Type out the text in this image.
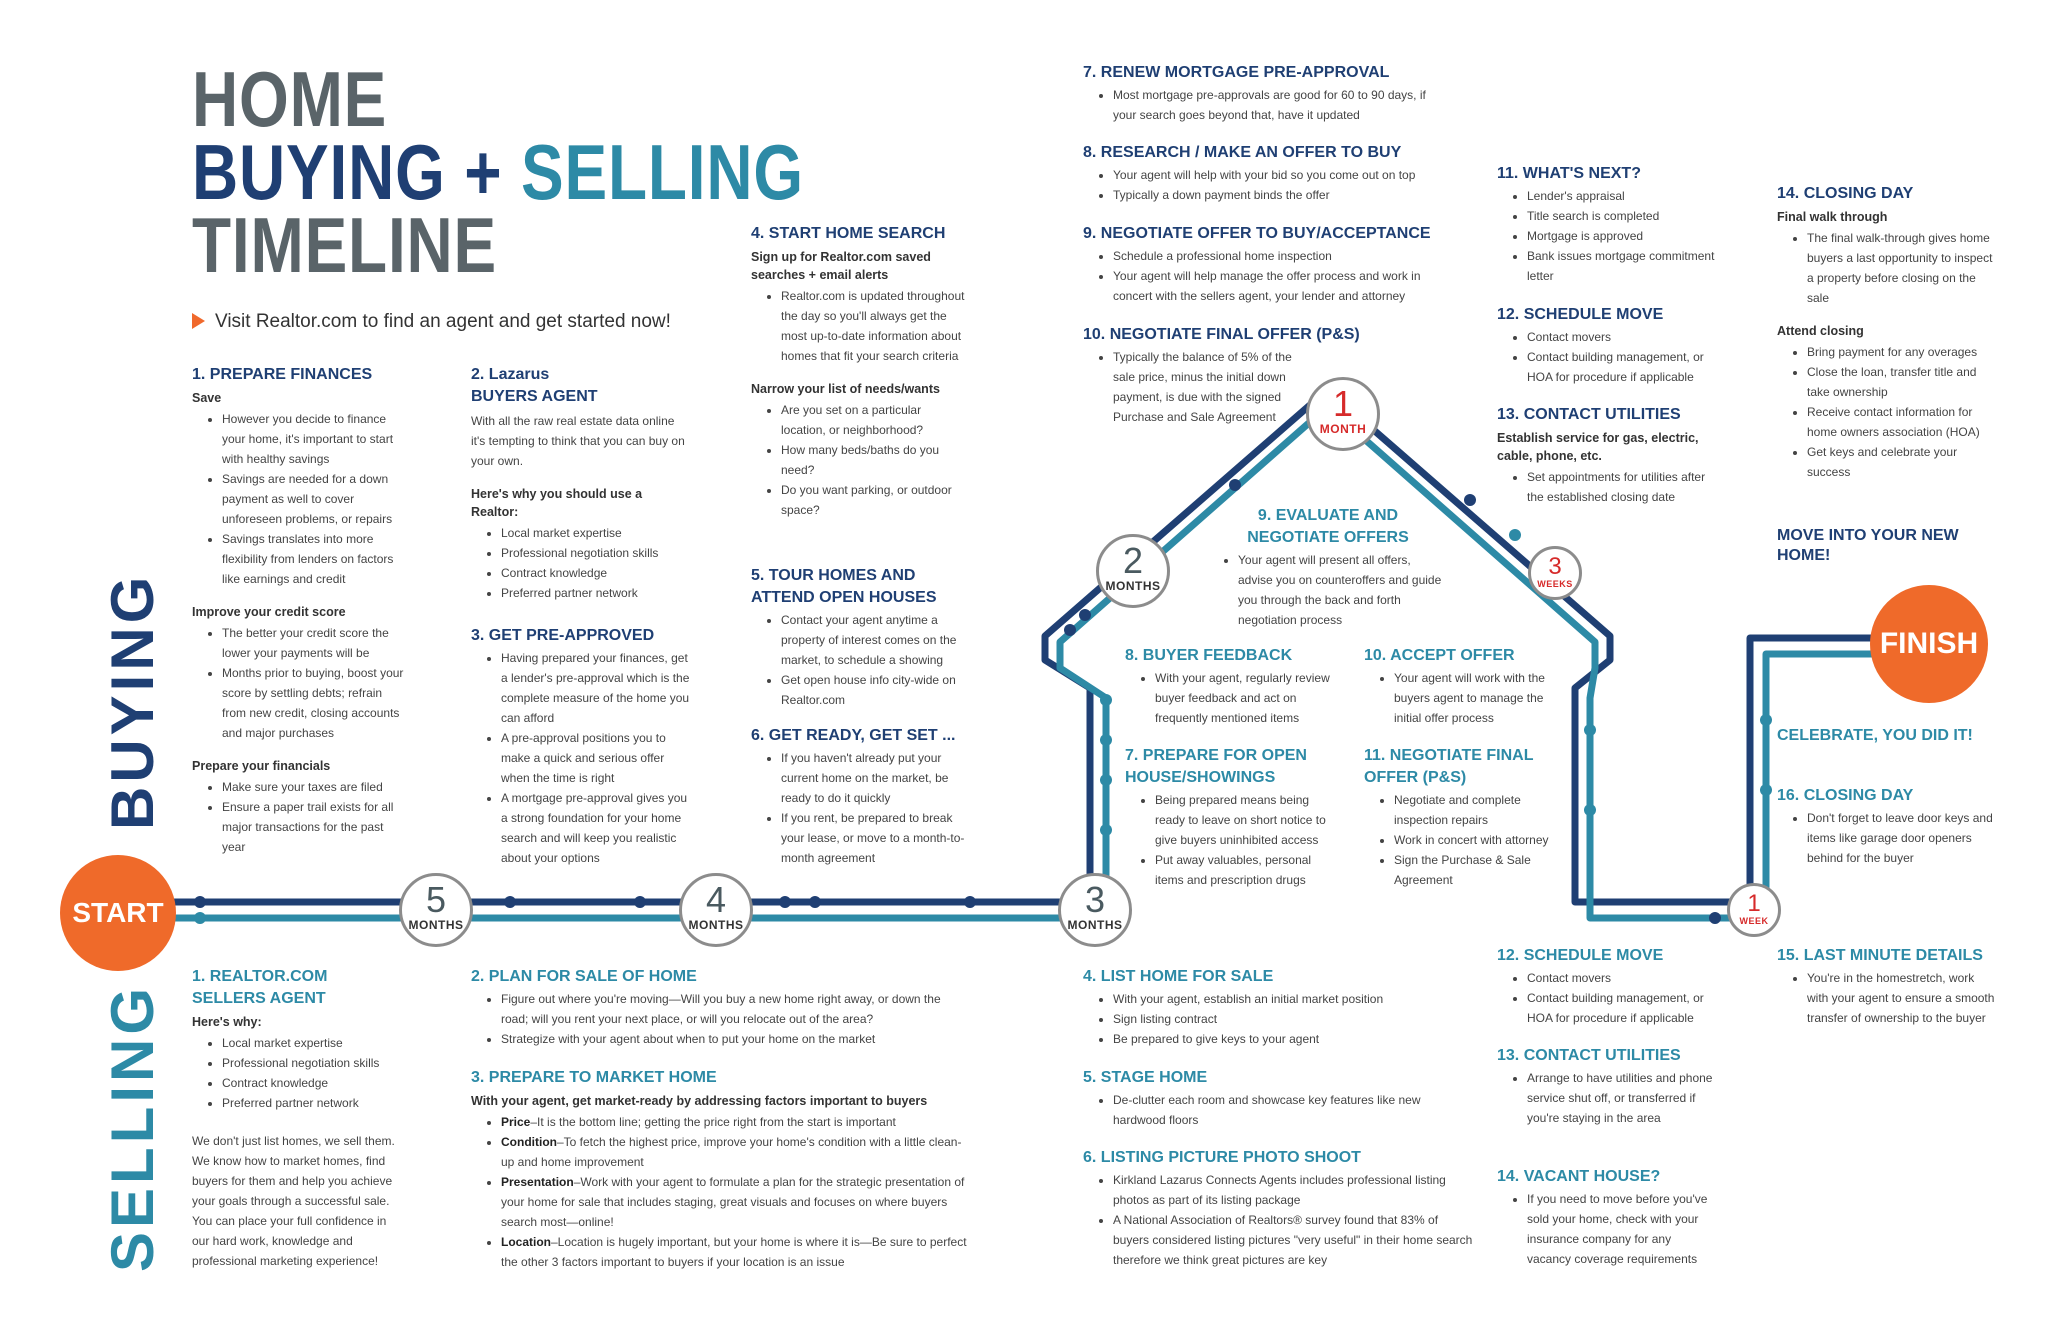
HOME
BUYING + SELLING
TIMELINE
Visit Realtor.com to find an agent and get started now!
BUYING
SELLING
START
FINISH
5
MONTHS
4
MONTHS
3
MONTHS
2
MONTHS
1
MONTH
3
WEEKS
1
WEEK
1. PREPARE FINANCES
Save
• However you decide to finance your home, it's important to start with healthy savings
• Savings are needed for a down payment as well to cover unforeseen problems, or repairs
• Savings translates into more flexibility from lenders on factors like earnings and credit
Improve your credit score
• The better your credit score the lower your payments will be
• Months prior to buying, boost your score by settling debts; refrain from new credit, closing accounts and major purchases
Prepare your financials
• Make sure your taxes are filed
• Ensure a paper trail exists for all major transactions for the past year
2. Lazarus
BUYERS AGENT

With all the raw real estate data online it's tempting to think that you can buy on your own.

Here's why you should use a Realtor:
• Local market expertise
• Professional negotiation skills
• Contract knowledge
• Preferred partner network
3. GET PRE-APPROVED
• Having prepared your finances, get a lender's pre-approval which is the complete measure of the home you can afford
• A pre-approval positions you to make a quick and serious offer when the time is right
• A mortgage pre-approval gives you a strong foundation for your home search and will keep you realistic about your options
4. START HOME SEARCH
Sign up for Realtor.com saved searches + email alerts
• Realtor.com is updated throughout the day so you'll always get the most up-to-date information about homes that fit your search criteria
Narrow your list of needs/wants
• Are you set on a particular location, or neighborhood?
• How many beds/baths do you need?
• Do you want parking, or outdoor space?
5. TOUR HOMES AND
ATTEND OPEN HOUSES
• Contact your agent anytime a property of interest comes on the market, to schedule a showing
• Get open house info city-wide on Realtor.com
6. GET READY, GET SET ...
• If you haven't already put your current home on the market, be ready to do it quickly
• If you rent, be prepared to break your lease, or move to a month-to-month agreement
7. RENEW MORTGAGE PRE-APPROVAL
• Most mortgage pre-approvals are good for 60 to 90 days, if your search goes beyond that, have it updated
8. RESEARCH / MAKE AN OFFER TO BUY
• Your agent will help with your bid so you come out on top
• Typically a down payment binds the offer
9. NEGOTIATE OFFER TO BUY/ACCEPTANCE
• Schedule a professional home inspection
• Your agent will help manage the offer process and work in concert with the sellers agent, your lender and attorney
10. NEGOTIATE FINAL OFFER (P&S)
• Typically the balance of 5% of the sale price, minus the initial down payment, is due with the signed Purchase and Sale Agreement
11. WHAT'S NEXT?
• Lender's appraisal
• Title search is completed
• Mortgage is approved
• Bank issues mortgage commitment letter
12. SCHEDULE MOVE
• Contact movers
• Contact building management, or HOA for procedure if applicable
13. CONTACT UTILITIES
Establish service for gas, electric, cable, phone, etc.
• Set appointments for utilities after the established closing date
14. CLOSING DAY
Final walk through
• The final walk-through gives home buyers a last opportunity to inspect a property before closing on the sale
Attend closing
• Bring payment for any overages
• Close the loan, transfer title and take ownership
• Receive contact information for home owners association (HOA)
• Get keys and celebrate your success
MOVE INTO YOUR NEW HOME!
1. REALTOR.COM
SELLERS AGENT
Here's why:
• Local market expertise
• Professional negotiation skills
• Contract knowledge
• Preferred partner network

We don't just list homes, we sell them. We know how to market homes, find buyers for them and help you achieve your goals through a successful sale. You can place your full confidence in our hard work, knowledge and professional marketing experience!

2. PLAN FOR SALE OF HOME
• Figure out where you're moving—Will you buy a new home right away, or down the road; will you rent your next place, or will you relocate out of the area?
• Strategize with your agent about when to put your home on the market
3. PREPARE TO MARKET HOME
With your agent, get market-ready by addressing factors important to buyers
• Price–It is the bottom line; getting the price right from the start is important
• Condition–To fetch the highest price, improve your home's condition with a little clean-up and home improvement
• Presentation–Work with your agent to formulate a plan for the strategic presentation of your home for sale that includes staging, great visuals and focuses on where buyers search most—online!
• Location–Location is hugely important, but your home is where it is—Be sure to perfect the other 3 factors important to buyers if your location is an issue
4. LIST HOME FOR SALE
• With your agent, establish an initial market position
• Sign listing contract
• Be prepared to give keys to your agent
5. STAGE HOME
• De-clutter each room and showcase key features like new hardwood floors
6. LISTING PICTURE PHOTO SHOOT
• Kirkland Lazarus Connects Agents includes professional listing photos as part of its listing package
• A National Association of Realtors® survey found that 83% of buyers considered listing pictures "very useful" in their home search therefore we think great pictures are key
7. PREPARE FOR OPEN
HOUSE/SHOWINGS
• Being prepared means being ready to leave on short notice to give buyers uninhibited access
• Put away valuables, personal items and prescription drugs
8. BUYER FEEDBACK
• With your agent, regularly review buyer feedback and act on frequently mentioned items
9. EVALUATE AND
NEGOTIATE OFFERS
• Your agent will present all offers, advise you on counteroffers and guide you through the back and forth negotiation process
10. ACCEPT OFFER
• Your agent will work with the buyers agent to manage the initial offer process
11. NEGOTIATE FINAL
OFFER (P&S)
• Negotiate and complete inspection repairs
• Work in concert with attorney
• Sign the Purchase & Sale Agreement
12. SCHEDULE MOVE
• Contact movers
• Contact building management, or HOA for procedure if applicable
13. CONTACT UTILITIES
• Arrange to have utilities and phone service shut off, or transferred if you're staying in the area
14. VACANT HOUSE?
• If you need to move before you've sold your home, check with your insurance company for any vacancy coverage requirements
15. LAST MINUTE DETAILS
• You're in the homestretch, work with your agent to ensure a smooth transfer of ownership to the buyer
CELEBRATE, YOU DID IT!
16. CLOSING DAY
• Don't forget to leave door keys and items like garage door openers behind for the buyer
